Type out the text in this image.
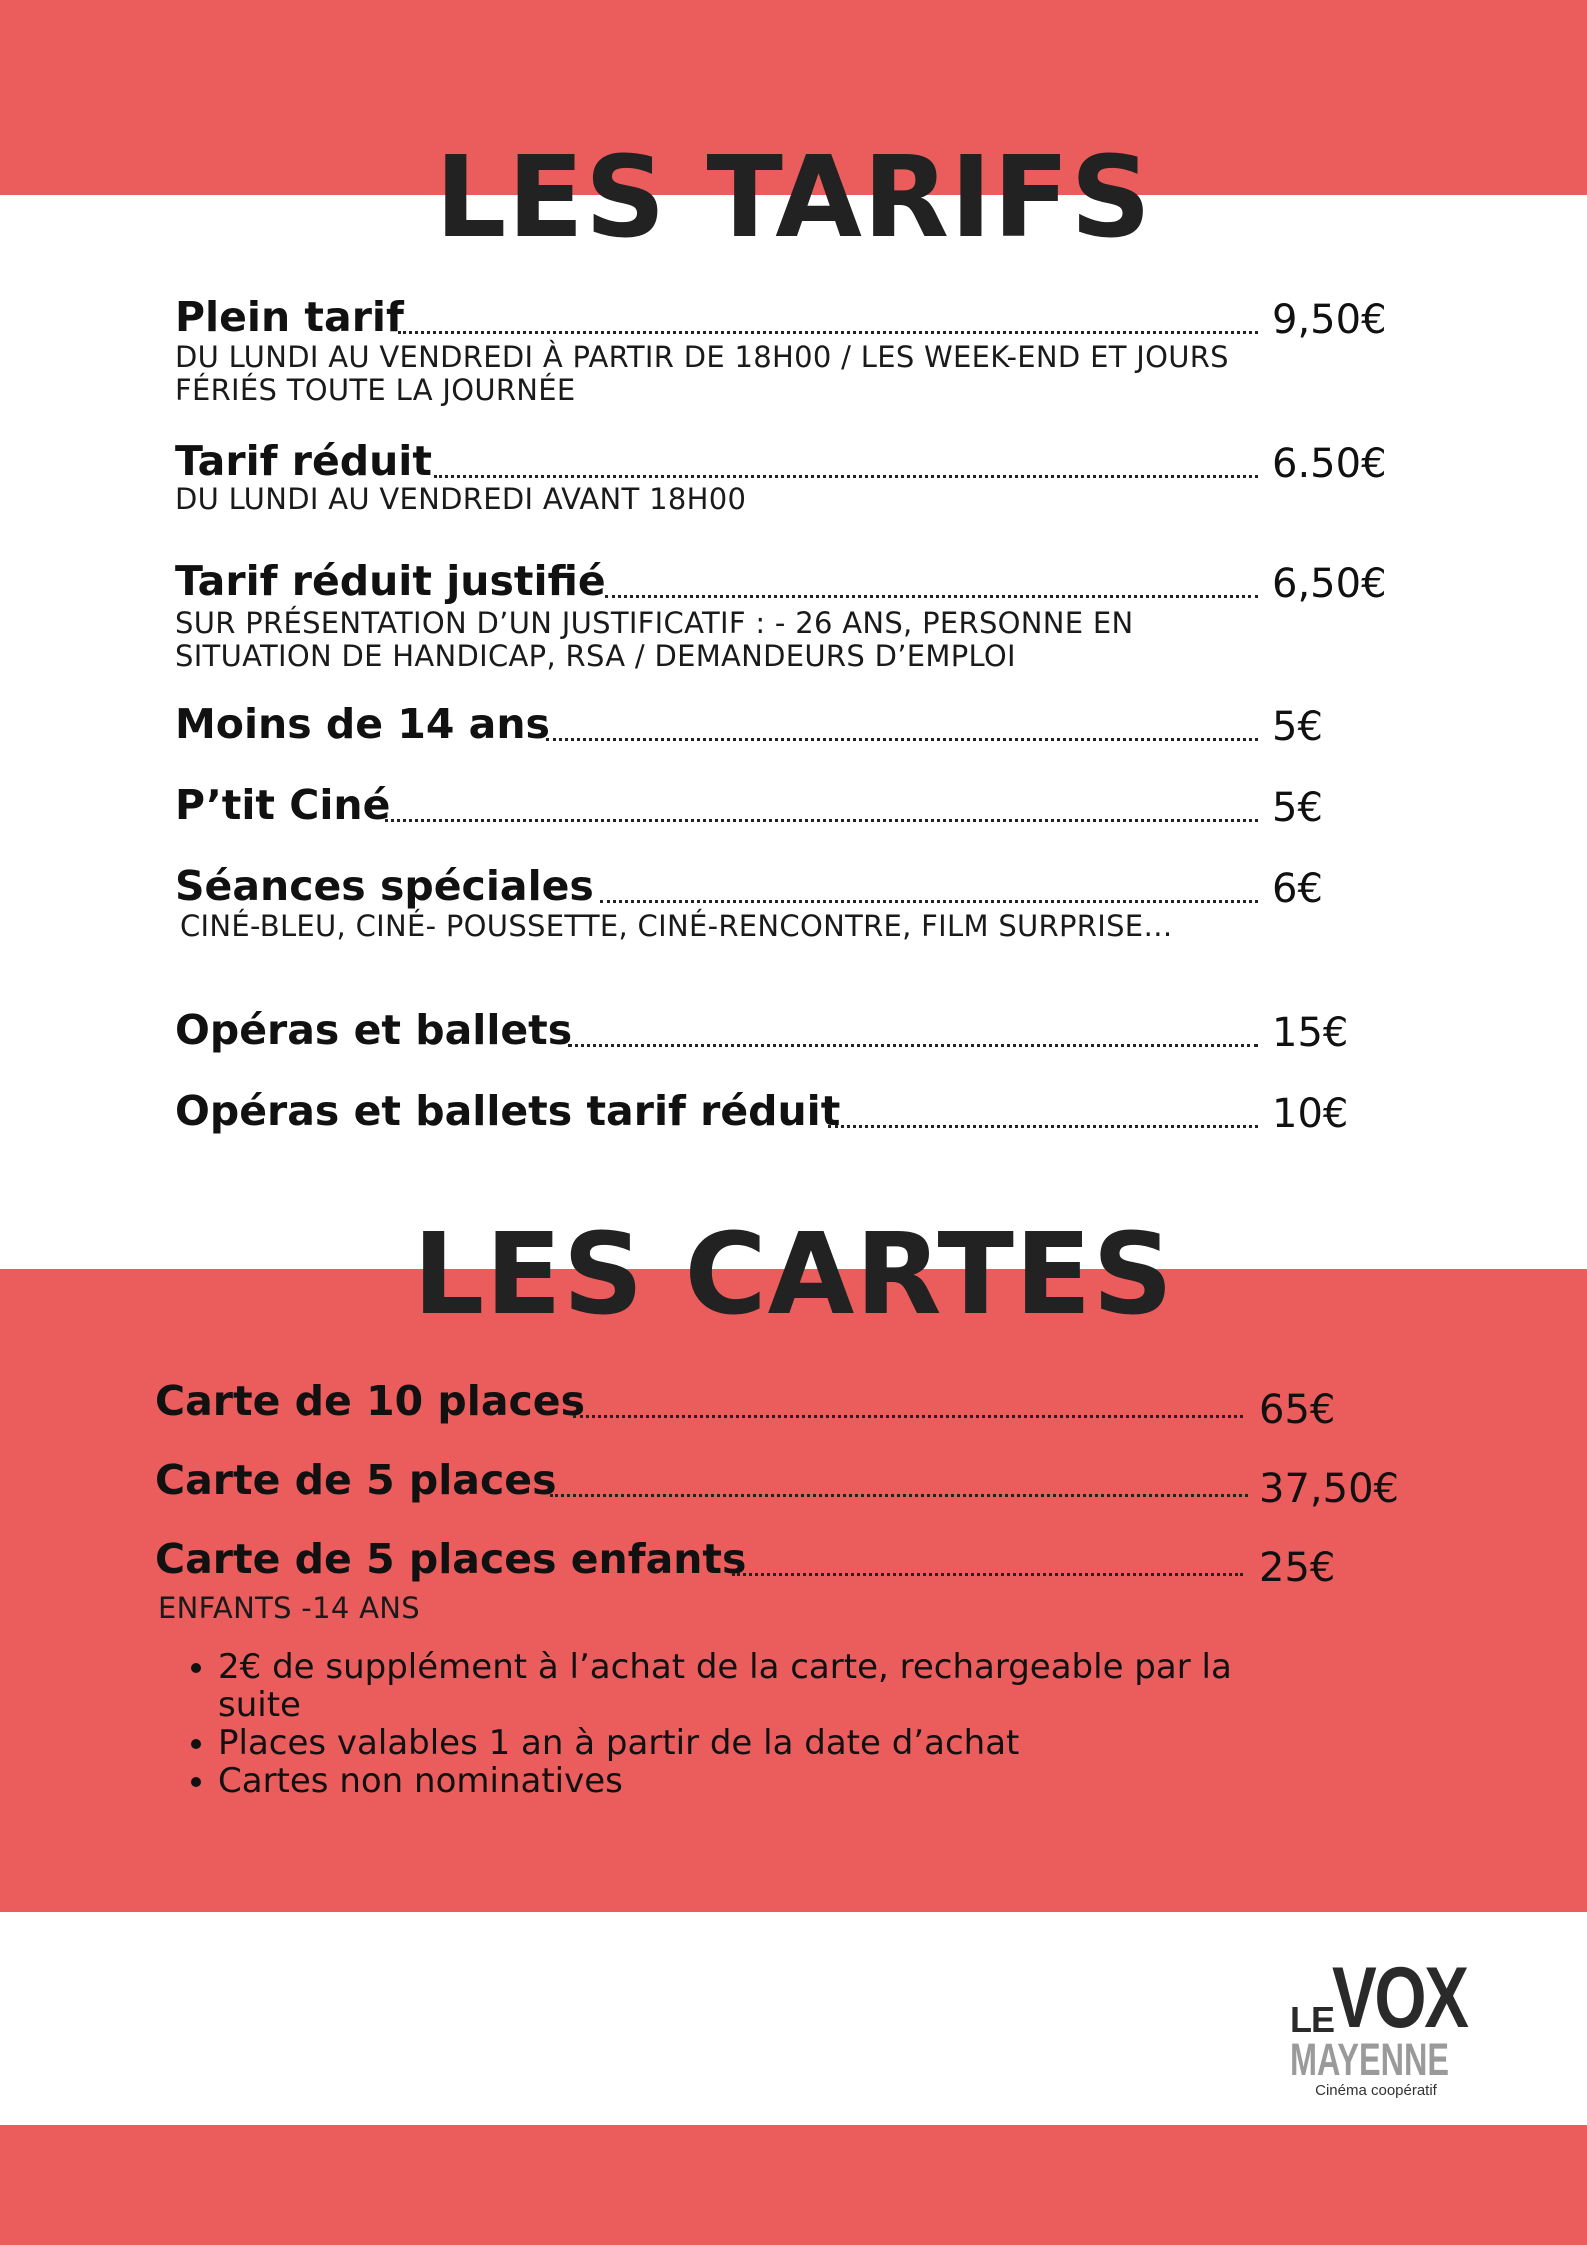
LES TARIFS
Plein tarif	9,50€

DU LUNDI AU VENDREDI À PARTIR DE 18H00 / LES WEEK-END ET JOURS FÉRIÉS TOUTE LA JOURNÉE

Tarif réduit	6.50€

DU LUNDI AU VENDREDI AVANT 18H00

Tarif réduit justifié	6,50€

SUR PRÉSENTATION D’UN JUSTIFICATIF : - 26 ANS, PERSONNE EN SITUATION DE HANDICAP, RSA / DEMANDEURS D’EMPLOI

Moins de 14 ans	5€
P’tit Ciné	5€
Séances spéciales	6€

CINÉ-BLEU, CINÉ- POUSSETTE, CINÉ-RENCONTRE, FILM SURPRISE…

Opéras et ballets	15€
Opéras et ballets tarif réduit	10€
LES CARTES
Carte de 10 places	65€
Carte de 5 places	37,50€
Carte de 5 places enfants	25€

ENFANTS -14 ANS

• 2€ de supplément à l’achat de la carte, rechargeable par la suite
• Places valables 1 an à partir de la date d’achat
• Cartes non nominatives
LE
VOX
MAYENNE
Cinéma coopératif
